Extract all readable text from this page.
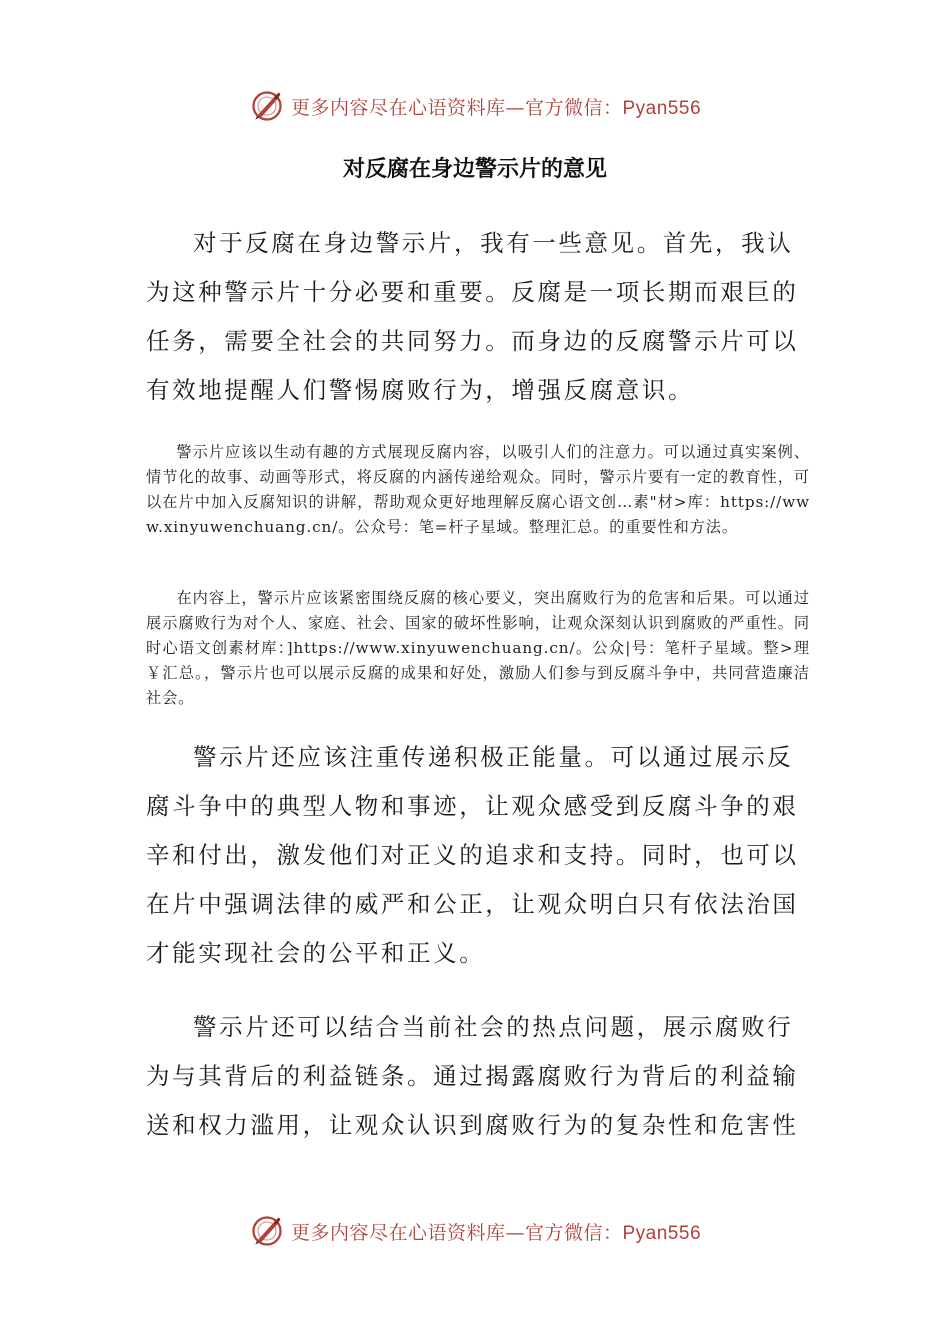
更多内容尽在心语资料库—官方微信：Pyan556
对反腐在身边警示片的意见

对于反腐在身边警示片，我有一些意见。首先，我认为这种警示片十分必要和重要。反腐是一项长期而艰巨的任务，需要全社会的共同努力。而身边的反腐警示片可以有效地提醒人们警惕腐败行为，增强反腐意识。

警示片应该以生动有趣的方式展现反腐内容，以吸引人们的注意力。可以通过真实案例、情节化的故事、动画等形式，将反腐的内涵传递给观众。同时，警示片要有一定的教育性，可以在片中加入反腐知识的讲解，帮助观众更好地理解反腐心语文创…素"材>库：https://www.xinyuwenchuang.cn/。公众号：笔=杆子星域。整理汇总。的重要性和方法。

在内容上，警示片应该紧密围绕反腐的核心要义，突出腐败行为的危害和后果。可以通过展示腐败行为对个人、家庭、社会、国家的破坏性影响，让观众深刻认识到腐败的严重性。同时心语文创素材库：]https://www.xinyuwenchuang.cn/。公众|号：笔杆子星域。整>理￥汇总。，警示片也可以展示反腐的成果和好处，激励人们参与到反腐斗争中，共同营造廉洁社会。

警示片还应该注重传递积极正能量。可以通过展示反腐斗争中的典型人物和事迹，让观众感受到反腐斗争的艰辛和付出，激发他们对正义的追求和支持。同时，也可以在片中强调法律的威严和公正，让观众明白只有依法治国才能实现社会的公平和正义。

警示片还可以结合当前社会的热点问题，展示腐败行为与其背后的利益链条。通过揭露腐败行为背后的利益输送和权力滥用，让观众认识到腐败行为的复杂性和危害性

更多内容尽在心语资料库—官方微信：Pyan556
